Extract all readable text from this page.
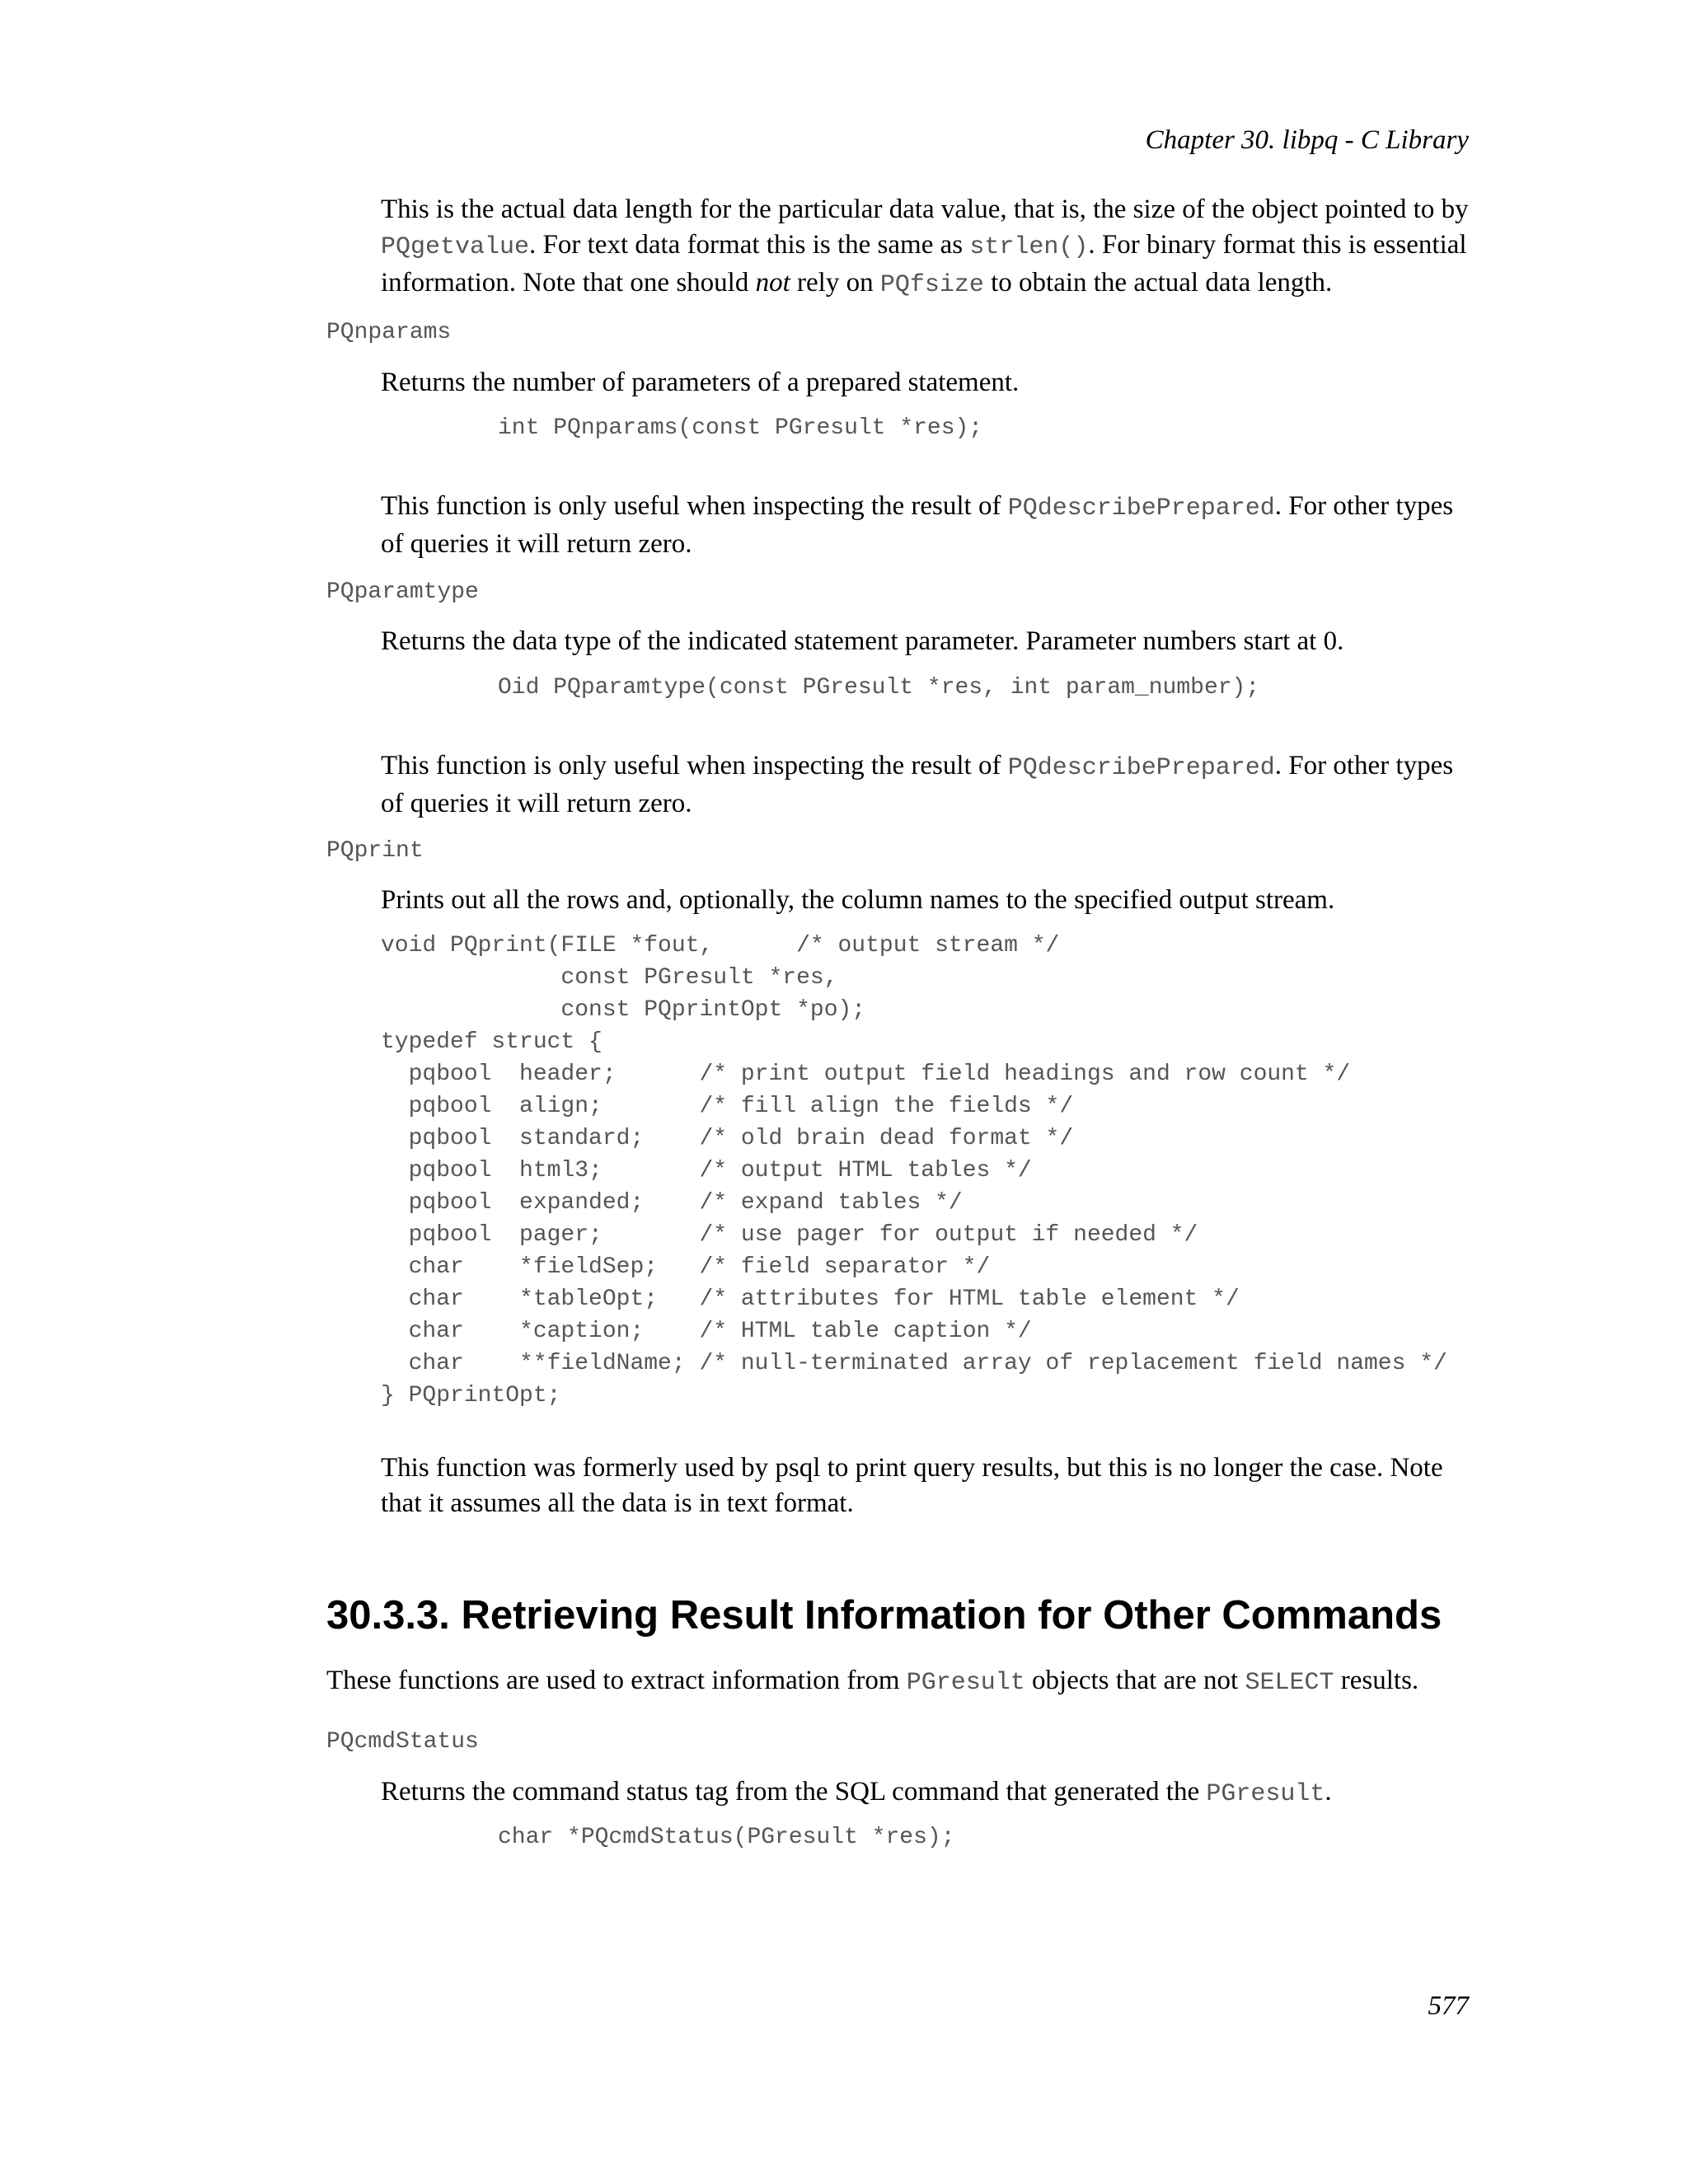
Chapter 30. libpq - C Library

This is the actual data length for the particular data value, that is, the size of the object pointed to by PQgetvalue. For text data format this is the same as strlen(). For binary format this is essential information. Note that one should not rely on PQfsize to obtain the actual data length.

PQnparams

Returns the number of parameters of a prepared statement.

int PQnparams(const PGresult *res);

This function is only useful when inspecting the result of PQdescribePrepared. For other types of queries it will return zero.

PQparamtype

Returns the data type of the indicated statement parameter. Parameter numbers start at 0.

Oid PQparamtype(const PGresult *res, int param_number);

This function is only useful when inspecting the result of PQdescribePrepared. For other types of queries it will return zero.

PQprint

Prints out all the rows and, optionally, the column names to the specified output stream.

void PQprint(FILE *fout,      /* output stream */
const PGresult *res,
const PQprintOpt *po);
typedef struct {
pqbool  header;      /* print output field headings and row count */
pqbool  align;       /* fill align the fields */
pqbool  standard;    /* old brain dead format */
pqbool  html3;       /* output HTML tables */
pqbool  expanded;    /* expand tables */
pqbool  pager;       /* use pager for output if needed */
char    *fieldSep;   /* field separator */
char    *tableOpt;   /* attributes for HTML table element */
char    *caption;    /* HTML table caption */
char    **fieldName; /* null-terminated array of replacement field names */
} PQprintOpt;

This function was formerly used by psql to print query results, but this is no longer the case. Note that it assumes all the data is in text format.

30.3.3. Retrieving Result Information for Other Commands

These functions are used to extract information from PGresult objects that are not SELECT results.

PQcmdStatus

Returns the command status tag from the SQL command that generated the PGresult.

char *PQcmdStatus(PGresult *res);
577
